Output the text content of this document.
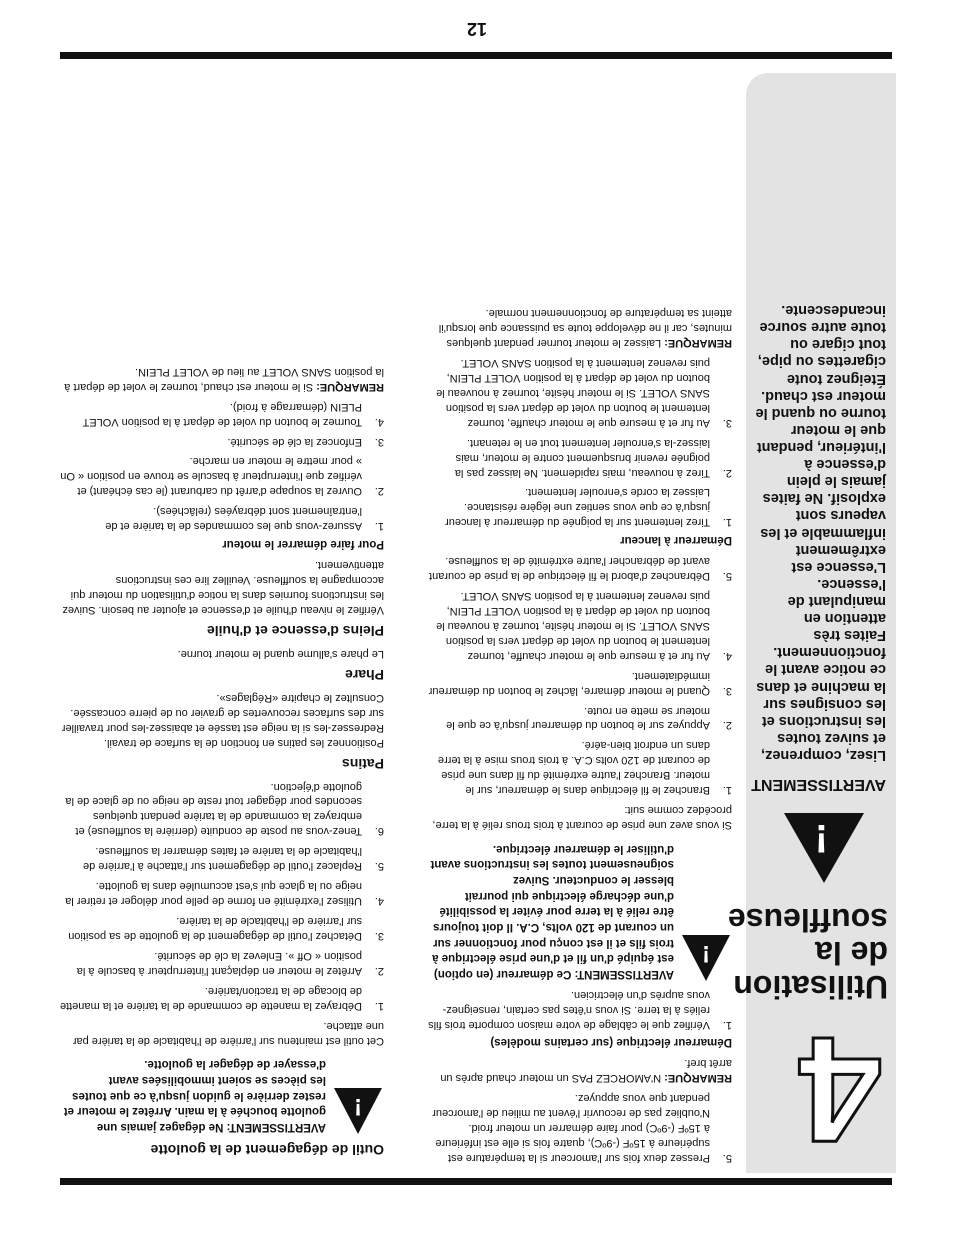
4
Utilisation de la souffleuse
!
AVERTISSEMENT
Lisez, comprenez, et suivez toutes les instructions et les consignes sur la machine et dans ce notice avant le fonctionnement. Faites très attention en manipulant de l'essence. L'essence est extrêmement inflammable et les vapeurs sont explosif. Ne faites jamais le plein d'essence à l'intérieur, pendant que le moteur tourne ou quand le moteur est chaud. Éteignez toute cigarettes ou pipe, tout cigare ou toute autre source incandescente.
Outil de dégagement de la goulotte
!
AVERTISSEMENT: Ne dégagez jamais une goulotte bouchée à la main. Arrêtez le moteur et restez derrière le guidon jusqu'à ce que toutes les pièces se soient immobilisées avant d'essayer de dégager la goulotte.

Cet outil est maintenu sur l'arrière de l'habitacle de la tarière par une attache.

1.
Débrayez la manette de commande de la tarière et la manette de blocage de la traction/tarière.
2.
Arrêtez le moteur en déplaçant l'interrupteur à bascule à la position « Off ». Enlevez la clé de sécurité.
3.
Détachez l'outil de dégagement de la goulotte de sa position sur l'arrière de l'habitacle de la tarière.
4.
Utilisez l'extrémité en forme de pelle pour déloger et retirer la neige ou la glace qui s'est accumulée dans la goulotte.
5.
Replacez l'outil de dégagement sur l'attache à l'arrière de l'habitacle de la tarière et faites démarrer la souffleuse.
6.
Tenez-vous au poste de conduite (derrière la souffleuse) et embrayez la commande de la tarière pendant quelques secondes pour dégager tout reste de neige ou de glace de la goulotte d'éjection.
Patins

Positionnez les patins en fonction de la surface de travail. Redressez-les si la neige est tassée et abaissez-les pour travailler sur des surfaces recouvertes de gravier ou de pierre concassée. Consultez le chapitre «Réglages».

Phare

Le phare s'allume quand le moteur tourne.

Pleins d'essence et d'huile

Vérifiez le niveau d'huile et d'essence et ajouter au besoin. Suivez les instructions fournies dans la notice d'utilisation du moteur qui accompagne la souffleuse. Veuillez lire ces instructions attentivement.

Pour faire démarrer le moteur
1.
Assurez-vous que les commandes de la tarière et de l'entraînement sont débrayées (relâchées).
2.
Ouvrez la soupape d'arrêt du carburant (le cas échéant) et vérifiez que l'interrupteur à bascule se trouve en position « On » pour mettre le moteur en marche.
3.
Enfoncez la clé de sécurité.
4.
Tournez le bouton du volet de départ à la position VOLET PLEIN (démarrage à froid).

REMARQUE: Si le moteur est chaud, tournez le volet de départ à la position SANS VOLET au lieu de VOLET PLEIN.

5.
Pressez deux fois sur l'amorceur si la température est supérieure à 15ºF (-9ºC), quatre fois si elle est inférieure à 15ºF (-9ºC) pour faire démarrer un moteur froid. N'oubliez pas de recouvrir l'évent au milieu de l'amorceur pendant que vous appuyez.

REMARQUE: N'AMORCEZ PAS un moteur chaud après un arrêt bref.

Démarreur électrique (sur certains modèles)
1.
Vérifiez que le câblage de votre maison comporte trois fils reliés à la terre. Si vous n'êtes pas certain, renseignez-vous auprès d'un électricien.
!
AVERTISSEMENT: Ce démarreur (en option) est équipé d'un fil et d'une prise électrique à trois fils et il est conçu pour fonctionner sur un courant de 120 volts, C.A. Il doit toujours être relié à la terre pour éviter la possibilité d'une décharge électrique qui pourrait blesser le conducteur. Suivez soigneusement toutes les instructions avant d'utiliser le démarreur électrique.

Si vous avez une prise de courant à trois trous relié à la terre, procédez comme suit:

1.
Branchez le fil électrique dans le démarreur, sur le moteur. Branchez l'autre extrémité du fil dans une prise de courant de 120 volts C.A. à trois trous mise à la terre dans un endroit bien-aéré.
2.
Appuyez sur le bouton du démarreur jusqu'à ce que le moteur se mette en route.
3.
Quand le moteur démarre, lâchez le bouton du démarreur immédiatement.
4.
Au fur et à mesure que le moteur chauffe, tournez lentement le bouton du volet de départ vers la position SANS VOLET. Si le moteur hésite, tournez à nouveau le bouton du volet de départ à la position VOLET PLEIN, puis revenez lentement à la position SANS VOLET.
5.
Débranchez d'abord le fil électrique de la prise de courant avant de débrancher l'autre extrémité de la souffleuse.
Démarreur à lanceur
1.
Tirez lentement sur la poignée du démarreur à lanceur jusqu'à ce que vous sentiez une légère résistance. Laissez la corde s'enrouler lentement.
2.
Tirez à nouveau, mais rapidement. Ne laissez pas la poignée revenir brusquement contre le moteur, mais laissez-la s'enrouler lentement tout en le retenant.
3.
Au fur et à mesure que le moteur chauffe, tournez lentement le bouton du volet de départ vers la position SANS VOLET. Si le moteur hésite, tournez à nouveau le bouton du volet de départ à la position VOLET PLEIN, puis revenez lentement à la position SANS VOLET.

REMARQUE: Laissez le moteur tourner pendant quelques minutes, car il ne développe toute sa puissance que lorsqu'il atteint sa température de fonctionnement normale.

12
